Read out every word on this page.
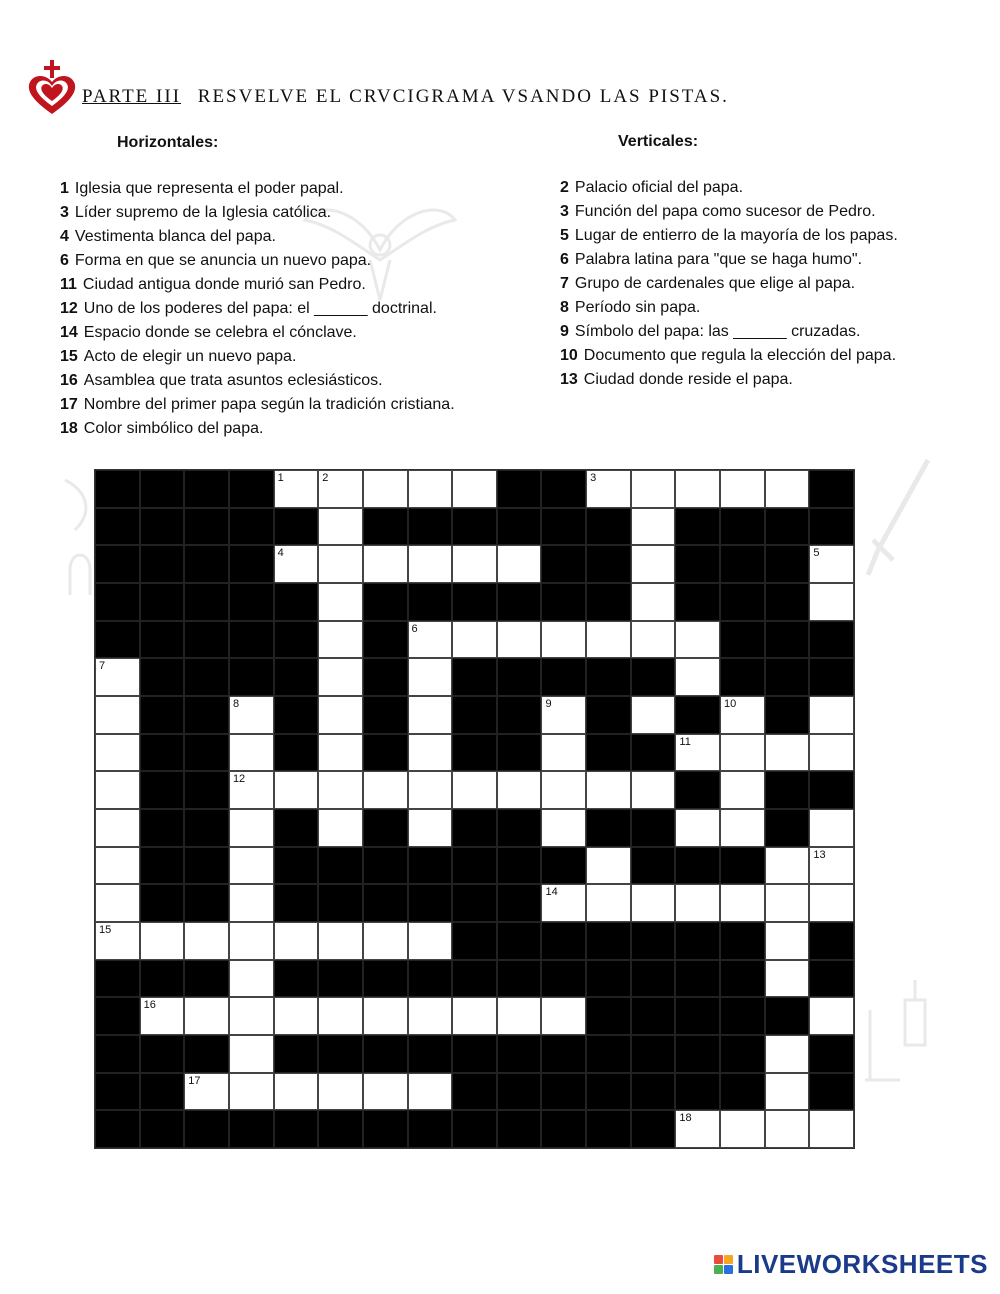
PARTE III RESVELVE EL CRVCIGRAMA VSANDO LAS PISTAS.
Horizontales:	Verticales:
1 Iglesia que representa el poder papal.
3 Líder supremo de la Iglesia católica.
4 Vestimenta blanca del papa.
6 Forma en que se anuncia un nuevo papa.
11 Ciudad antigua donde murió san Pedro.
12 Uno de los poderes del papa: el ______ doctrinal.
14 Espacio donde se celebra el cónclave.
15 Acto de elegir un nuevo papa.
16 Asamblea que trata asuntos eclesiásticos.
17 Nombre del primer papa según la tradición cristiana.
18 Color simbólico del papa.
2 Palacio oficial del papa.
3 Función del papa como sucesor de Pedro.
5 Lugar de entierro de la mayoría de los papas.
6 Palabra latina para "que se haga humo".
7 Grupo de cardenales que elige al papa.
8 Período sin papa.
9 Símbolo del papa: las ______ cruzadas.
10 Documento que regula la elección del papa.
13 Ciudad donde reside el papa.
1	2	3
4	5
6
7
8	9	10
11
12
13
14
15
16
17
18
LIVEWORKSHEETS
